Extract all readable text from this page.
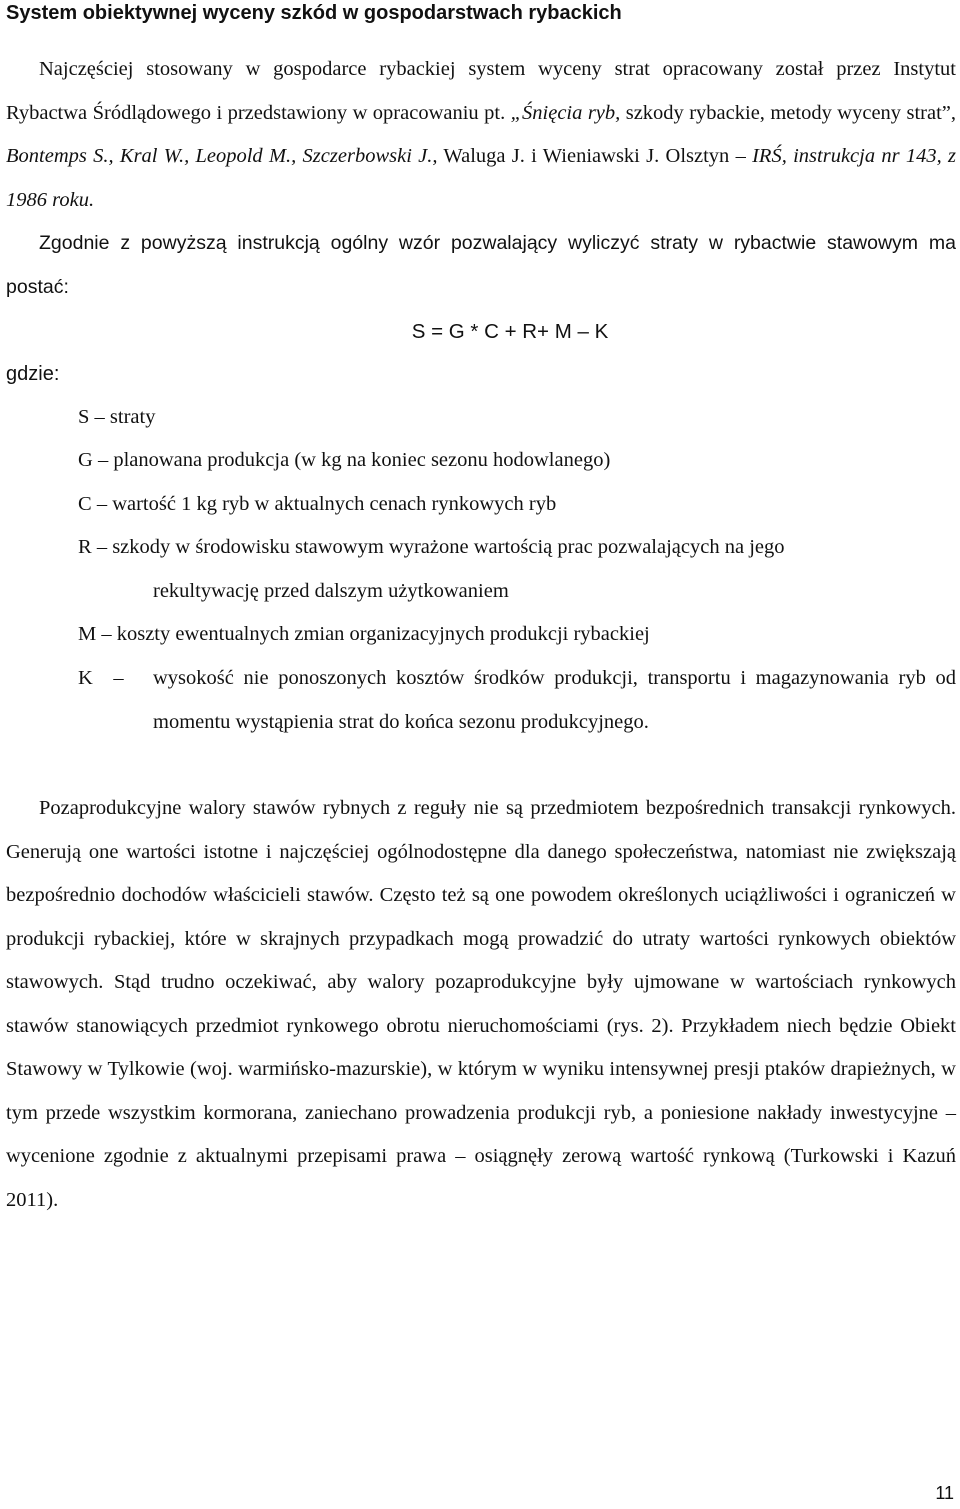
System obiektywnej wyceny szkód w gospodarstwach rybackich
Najczęściej stosowany w gospodarce rybackiej system wyceny strat opracowany został przez Instytut Rybactwa Śródlądowego i przedstawiony w opracowaniu pt. „Śnięcia ryb, szkody rybackie, metody wyceny strat”, Bontemps S., Kral W., Leopold M., Szczerbowski J., Waluga J. i Wieniawski J. Olsztyn – IRŚ, instrukcja nr 143, z 1986 roku.
Zgodnie z powyższą instrukcją ogólny wzór pozwalający wyliczyć straty w rybactwie stawowym ma postać:
S = G * C + R+ M – K
gdzie:
S – straty
G – planowana produkcja (w kg na koniec sezonu hodowlanego)
C – wartość 1 kg ryb w aktualnych cenach rynkowych ryb
R – szkody w środowisku stawowym wyrażone wartością prac pozwalających na jego
rekultywację przed dalszym użytkowaniem
M – koszty ewentualnych zmian organizacyjnych produkcji rybackiej
K –	wysokość nie ponoszonych kosztów środków produkcji, transportu i magazynowania ryb od momentu wystąpienia strat do końca sezonu produkcyjnego.
Pozaprodukcyjne walory stawów rybnych z reguły nie są przedmiotem bezpośrednich transakcji rynkowych. Generują one wartości istotne i najczęściej ogólnodostępne dla danego społeczeństwa, natomiast nie zwiększają bezpośrednio dochodów właścicieli stawów. Często też są one powodem określonych uciążliwości i ograniczeń w produkcji rybackiej, które w skrajnych przypadkach mogą prowadzić do utraty wartości rynkowych obiektów stawowych. Stąd trudno oczekiwać, aby walory pozaprodukcyjne były ujmowane w wartościach rynkowych stawów stanowiących przedmiot rynkowego obrotu nieruchomościami (rys. 2). Przykładem niech będzie Obiekt Stawowy w Tylkowie (woj. warmińsko-mazurskie), w którym w wyniku intensywnej presji ptaków drapieżnych, w tym przede wszystkim kormorana, zaniechano prowadzenia produkcji ryb, a poniesione nakłady inwestycyjne – wycenione zgodnie z aktualnymi przepisami prawa – osiągnęły zerową wartość rynkową (Turkowski i Kazuń 2011).
11
